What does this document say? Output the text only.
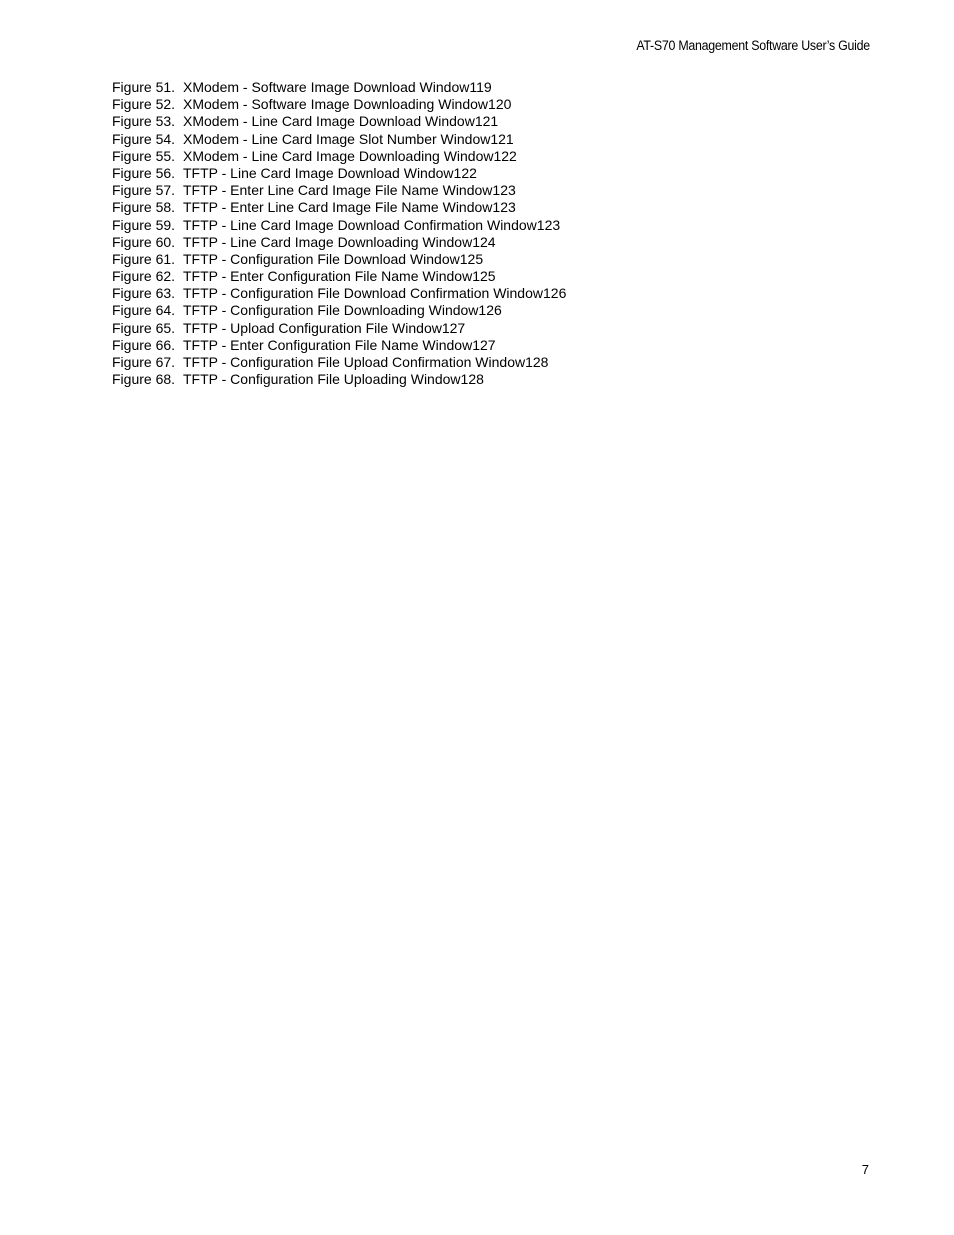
AT-S70 Management Software User’s Guide
Figure 51. XModem - Software Image Download Window119
Figure 52. XModem - Software Image Downloading Window120
Figure 53. XModem - Line Card Image Download Window121
Figure 54. XModem - Line Card Image Slot Number Window121
Figure 55. XModem - Line Card Image Downloading Window122
Figure 56. TFTP - Line Card Image Download Window122
Figure 57. TFTP - Enter Line Card Image File Name Window123
Figure 58. TFTP - Enter Line Card Image File Name Window123
Figure 59. TFTP - Line Card Image Download Confirmation Window123
Figure 60. TFTP - Line Card Image Downloading Window124
Figure 61. TFTP - Configuration File Download Window125
Figure 62. TFTP - Enter Configuration File Name Window125
Figure 63. TFTP - Configuration File Download Confirmation Window126
Figure 64. TFTP - Configuration File Downloading Window126
Figure 65. TFTP - Upload Configuration File Window127
Figure 66. TFTP - Enter Configuration File Name Window127
Figure 67. TFTP - Configuration File Upload Confirmation Window128
Figure 68. TFTP - Configuration File Uploading Window128
7
